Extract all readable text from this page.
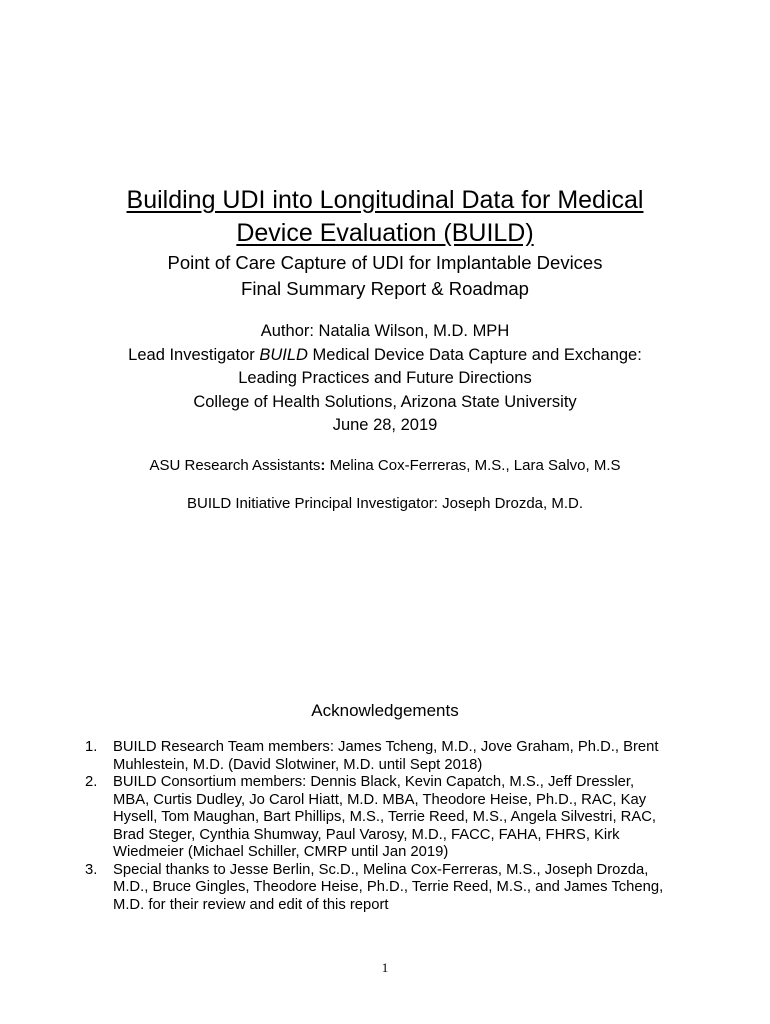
Building UDI into Longitudinal Data for Medical
Device Evaluation (BUILD)
Point of Care Capture of UDI for Implantable Devices
Final Summary Report & Roadmap
Author: Natalia Wilson, M.D. MPH
Lead Investigator BUILD Medical Device Data Capture and Exchange:
Leading Practices and Future Directions
College of Health Solutions, Arizona State University
June 28, 2019
ASU Research Assistants: Melina Cox-Ferreras, M.S., Lara Salvo, M.S
BUILD Initiative Principal Investigator: Joseph Drozda, M.D.
Acknowledgements
1. BUILD Research Team members: James Tcheng, M.D., Jove Graham, Ph.D., Brent
Muhlestein, M.D. (David Slotwiner, M.D. until Sept 2018)
2. BUILD Consortium members: Dennis Black, Kevin Capatch, M.S., Jeff Dressler,
MBA, Curtis Dudley, Jo Carol Hiatt, M.D. MBA, Theodore Heise, Ph.D., RAC, Kay
Hysell, Tom Maughan, Bart Phillips, M.S., Terrie Reed, M.S., Angela Silvestri, RAC,
Brad Steger, Cynthia Shumway, Paul Varosy, M.D., FACC, FAHA, FHRS, Kirk
Wiedmeier (Michael Schiller, CMRP until Jan 2019)
3. Special thanks to Jesse Berlin, Sc.D., Melina Cox-Ferreras, M.S., Joseph Drozda,
M.D., Bruce Gingles, Theodore Heise, Ph.D., Terrie Reed, M.S., and James Tcheng,
M.D. for their review and edit of this report
1
